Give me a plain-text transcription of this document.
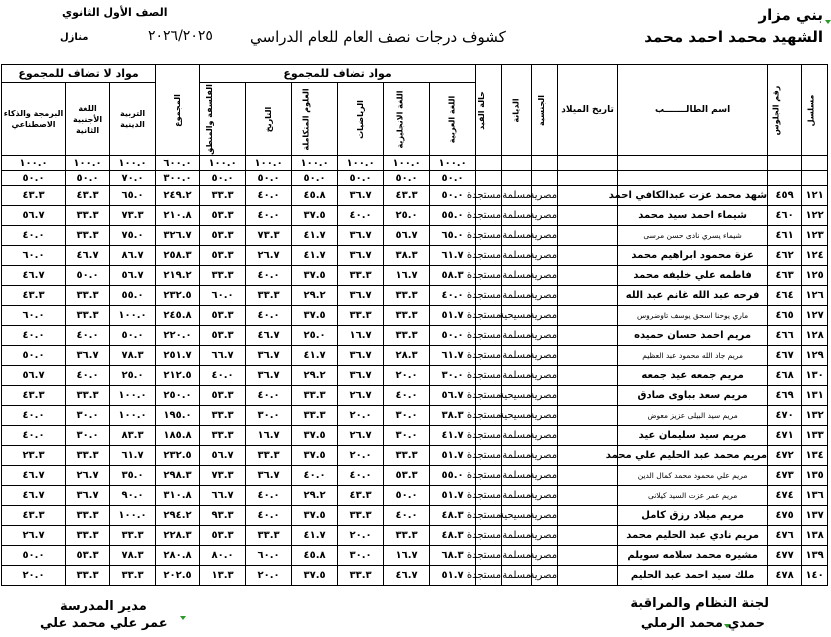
بني مزار
الشهيد محمد احمد محمد
كشوف درجات نصف العام للعام الدراسي
٢٠٢٦/٢٠٢٥
الصف الأول الثانوي
منازل
مسلسل	رقم الجلوس	اسم الطالـــــــب	تاريخ الميلاد	الجنسية	الديانة	حالة القيد	مواد تضاف للمجموع						المجموع	مواد لا تضاف للمجموع		
							اللغة العربية	اللغة الانجليزية	الرياضيات	العلوم المتكاملة	التاريخ	الفلسفة والمنطق		التربية الدينية	اللغة الأجنبية الثانية	البرمجة والذكاء الاصطناعي

							١٠٠.٠	١٠٠.٠	١٠٠.٠	١٠٠.٠	١٠٠.٠	١٠٠.٠	٦٠٠.٠	١٠٠.٠	١٠٠.٠	١٠٠.٠
							٥٠.٠	٥٠.٠	٥٠.٠	٥٠.٠	٥٠.٠	٥٠.٠	٣٠٠.٠	٧٠.٠	٥٠.٠	٥٠.٠
١٢١	٤٥٩	شهد محمد عزت عبدالكافي احمد		مصرية	مسلمة	مستجدة	٥٠.٠	٤٣.٣	٣٦.٧	٤٥.٨	٤٠.٠	٣٣.٣	٢٤٩.٢	٦٥.٠	٤٣.٣	٤٣.٣
١٢٢	٤٦٠	شيماء احمد سيد محمد		مصرية	مسلمة	مستجدة	٥٥.٠	٢٥.٠	٤٠.٠	٣٧.٥	٤٠.٠	٥٣.٣	٢١٠.٨	٧٣.٣	٣٣.٣	٥٦.٧
١٢٣	٤٦١	شيماء يسري نادى حسن مرسى		مصرية	مسلمة	مستجدة	٦٥.٠	٥٦.٧	٣٦.٧	٤١.٧	٧٣.٣	٥٣.٣	٣٢٦.٧	٧٥.٠	٣٣.٣	٤٠.٠
١٢٤	٤٦٢	عزة محمود ابراهيم محمد		مصرية	مسلمة	مستجدة	٦١.٧	٣٨.٣	٣٦.٧	٤١.٧	٢٦.٧	٥٣.٣	٢٥٨.٣	٨٦.٧	٤٦.٧	٦٠.٠
١٢٥	٤٦٣	فاطمه علي خليفه محمد		مصرية	مسلمة	مستجدة	٥٨.٣	١٦.٧	٣٣.٣	٣٧.٥	٤٠.٠	٣٣.٣	٢١٩.٢	٥٦.٧	٥٠.٠	٤٦.٧
١٢٦	٤٦٤	فرحه عبد الله غانم عبد الله		مصرية	مسلمة	مستجدة	٤٠.٠	٣٣.٣	٣٦.٧	٢٩.٢	٣٣.٣	٦٠.٠	٢٣٢.٥	٥٥.٠	٣٣.٣	٤٣.٣
١٢٧	٤٦٥	ماري يوحنا اسحق يوسف تاوضروس		مصرية	مسيحية	مستجدة	٥١.٧	٣٣.٣	٣٣.٣	٣٧.٥	٤٠.٠	٥٣.٣	٢٤٥.٨	١٠٠.٠	٣٣.٣	٦٠.٠
١٢٨	٤٦٦	مريم احمد حسان حميده		مصرية	مسلمة	مستجدة	٥٠.٠	٣٣.٣	١٦.٧	٢٥.٠	٤٦.٧	٥٣.٣	٢٢٠.٠	٥٠.٠	٤٠.٠	٤٠.٠
١٢٩	٤٦٧	مريم جاد الله محمود عبد العظيم		مصرية	مسلمة	مستجدة	٦١.٧	٢٨.٣	٣٦.٧	٤١.٧	٣٦.٧	٦٦.٧	٢٥١.٧	٧٨.٣	٣٦.٧	٥٠.٠
١٣٠	٤٦٨	مريم جمعه عيد جمعه		مصرية	مسلمة	مستجدة	٣٠.٠	٢٠.٠	٣٦.٧	٢٩.٢	٣٦.٧	٤٠.٠	٢١٢.٥	٢٥.٠	٤٠.٠	٥٦.٧
١٣١	٤٦٩	مريم سعد بباوى صادق		مصرية	مسيحية	مستجدة	٥٦.٧	٤٠.٠	٢٦.٧	٣٣.٣	٤٠.٠	٥٣.٣	٢٥٠.٠	١٠٠.٠	٣٣.٣	٤٣.٣
١٣٢	٤٧٠	مريم سيد البيلى عزيز معوض		مصرية	مسيحية	مستجدة	٣٨.٣	٣٠.٠	٢٠.٠	٣٣.٣	٣٠.٠	٣٣.٣	١٩٥.٠	١٠٠.٠	٣٠.٠	٤٠.٠
١٣٣	٤٧١	مريم سيد سليمان عيد		مصرية	مسلمة	مستجدة	٤١.٧	٣٠.٠	٢٦.٧	٣٧.٥	١٦.٧	٣٣.٣	١٨٥.٨	٨٣.٣	٣٠.٠	٤٠.٠
١٣٤	٤٧٢	مريم محمد عبد الحليم علي محمد		مصرية	مسلمة	مستجدة	٥١.٧	٣٣.٣	٢٠.٠	٣٧.٥	٣٣.٣	٥٦.٧	٢٣٢.٥	٦١.٧	٣٣.٣	٢٣.٣
١٣٥	٤٧٣	مريم علي محمود محمد كمال الدين		مصرية	مسلمة	مستجدة	٥٥.٠	٥٣.٣	٤٠.٠	٤٠.٠	٣٦.٧	٧٣.٣	٢٩٨.٣	٣٥.٠	٢٦.٧	٤٦.٧
١٣٦	٤٧٤	مريم عمر عزت السيد كيلانى		مصرية	مسلمة	مستجدة	٥١.٧	٥٠.٠	٤٣.٣	٢٩.٢	٤٠.٠	٦٦.٧	٣١٠.٨	٩٠.٠	٣٦.٧	٤٦.٧
١٣٧	٤٧٥	مريم ميلاد رزق كامل		مصرية	مسيحية	مستجدة	٤٨.٣	٤٠.٠	٣٣.٣	٣٧.٥	٤٠.٠	٩٣.٣	٢٩٤.٢	١٠٠.٠	٣٣.٣	٤٣.٣
١٣٨	٤٧٦	مريم نادي عبد الحليم محمد		مصرية	مسلمة	مستجدة	٤٨.٣	٣٣.٣	٢٠.٠	٤١.٧	٣٣.٣	٥٣.٣	٢٢٨.٣	٣٣.٣	٣٣.٣	٢٦.٧
١٣٩	٤٧٧	مشيره محمد سلامه سويلم		مصرية	مسلمة	مستجدة	٦٨.٣	١٦.٧	٣٠.٠	٤٥.٨	٦٠.٠	٨٠.٠	٢٨٠.٨	٧٨.٣	٥٣.٣	٥٠.٠
١٤٠	٤٧٨	ملك سيد احمد عبد الحليم		مصرية	مسلمة	مستجدة	٥١.٧	٤٦.٧	٣٣.٣	٣٧.٥	٢٠.٠	١٣.٣	٢٠٢.٥	٣٣.٣	٣٣.٣	٢٠.٠
لجنة النظام والمراقبة
حمدي محمد الرملي
مدير المدرسة
عمر علي محمد علي
